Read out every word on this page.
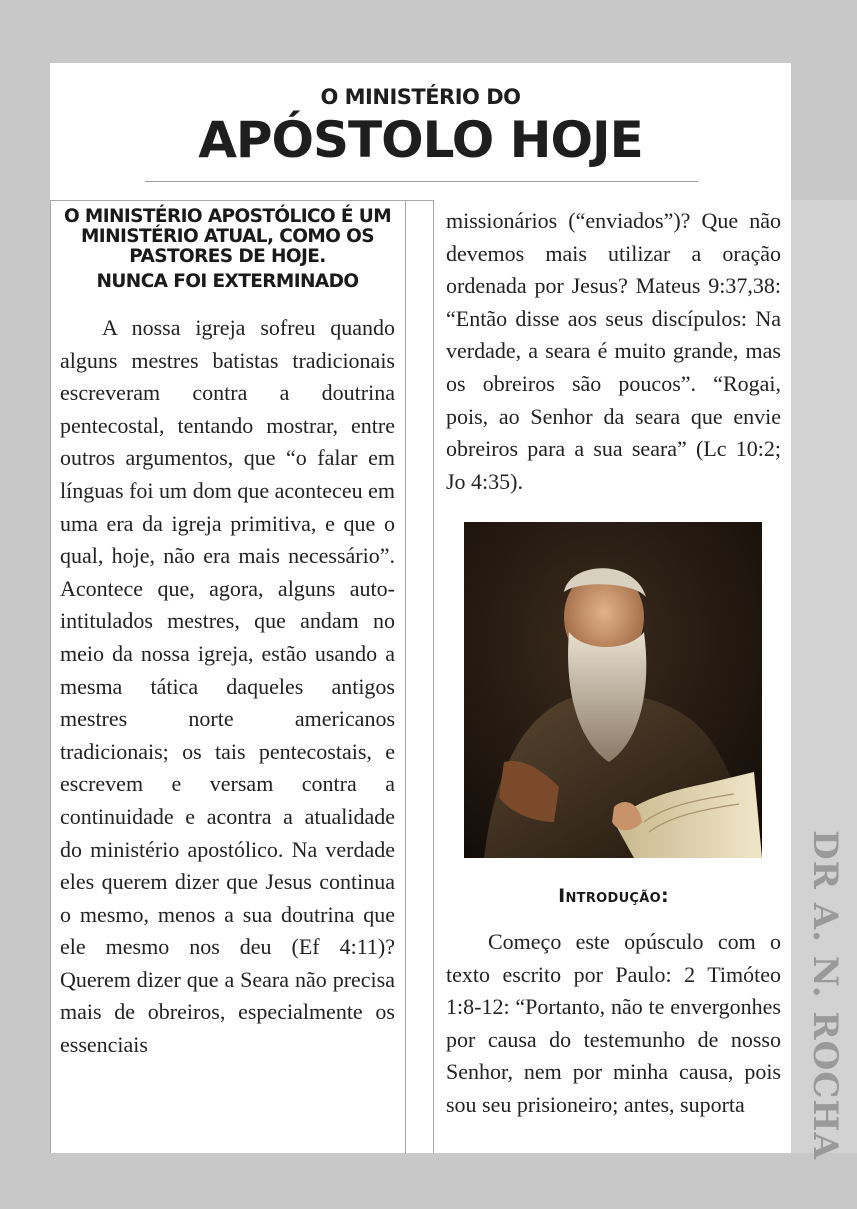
O MINISTÉRIO DO
APÓSTOLO HOJE
O MINISTÉRIO APOSTÓLICO É UM MINISTÉRIO ATUAL, COMO OS PASTORES DE HOJE.
NUNCA FOI EXTERMINADO

A nossa igreja sofreu quando alguns mestres batistas tradicionais escreveram contra a doutrina pentecostal, tentando mostrar, entre outros argumentos, que “o falar em línguas foi um dom que aconteceu em uma era da igreja primitiva, e que o qual, hoje, não era mais necessário”. Acontece que, agora, alguns auto-intitulados mestres, que andam no meio da nossa igreja, estão usando a mesma tática daqueles antigos mestres norte americanos tradicionais; os tais pentecostais, e escrevem e versam contra a continuidade e acontra a atualidade do ministério apostólico. Na verdade eles querem dizer que Jesus continua o mesmo, menos a sua doutrina que ele mesmo nos deu (Ef 4:11)? Querem dizer que a Seara não precisa mais de obreiros, especialmente os essenciais

missionários (“enviados”)? Que não devemos mais utilizar a oração ordenada por Jesus? Mateus 9:37,38: “Então disse aos seus discípulos: Na verdade, a seara é muito grande, mas os obreiros são poucos”. “Rogai, pois, ao Senhor da seara que envie obreiros para a sua seara” (Lc 10:2; Jo 4:35).

Introdução:

Começo este opúsculo com o texto escrito por Paulo: 2 Timóteo 1:8-12: “Portanto, não te envergonhes por causa do testemunho de nosso Senhor, nem por minha causa, pois sou seu prisioneiro; antes, suporta	DR A. N. ROCHA
